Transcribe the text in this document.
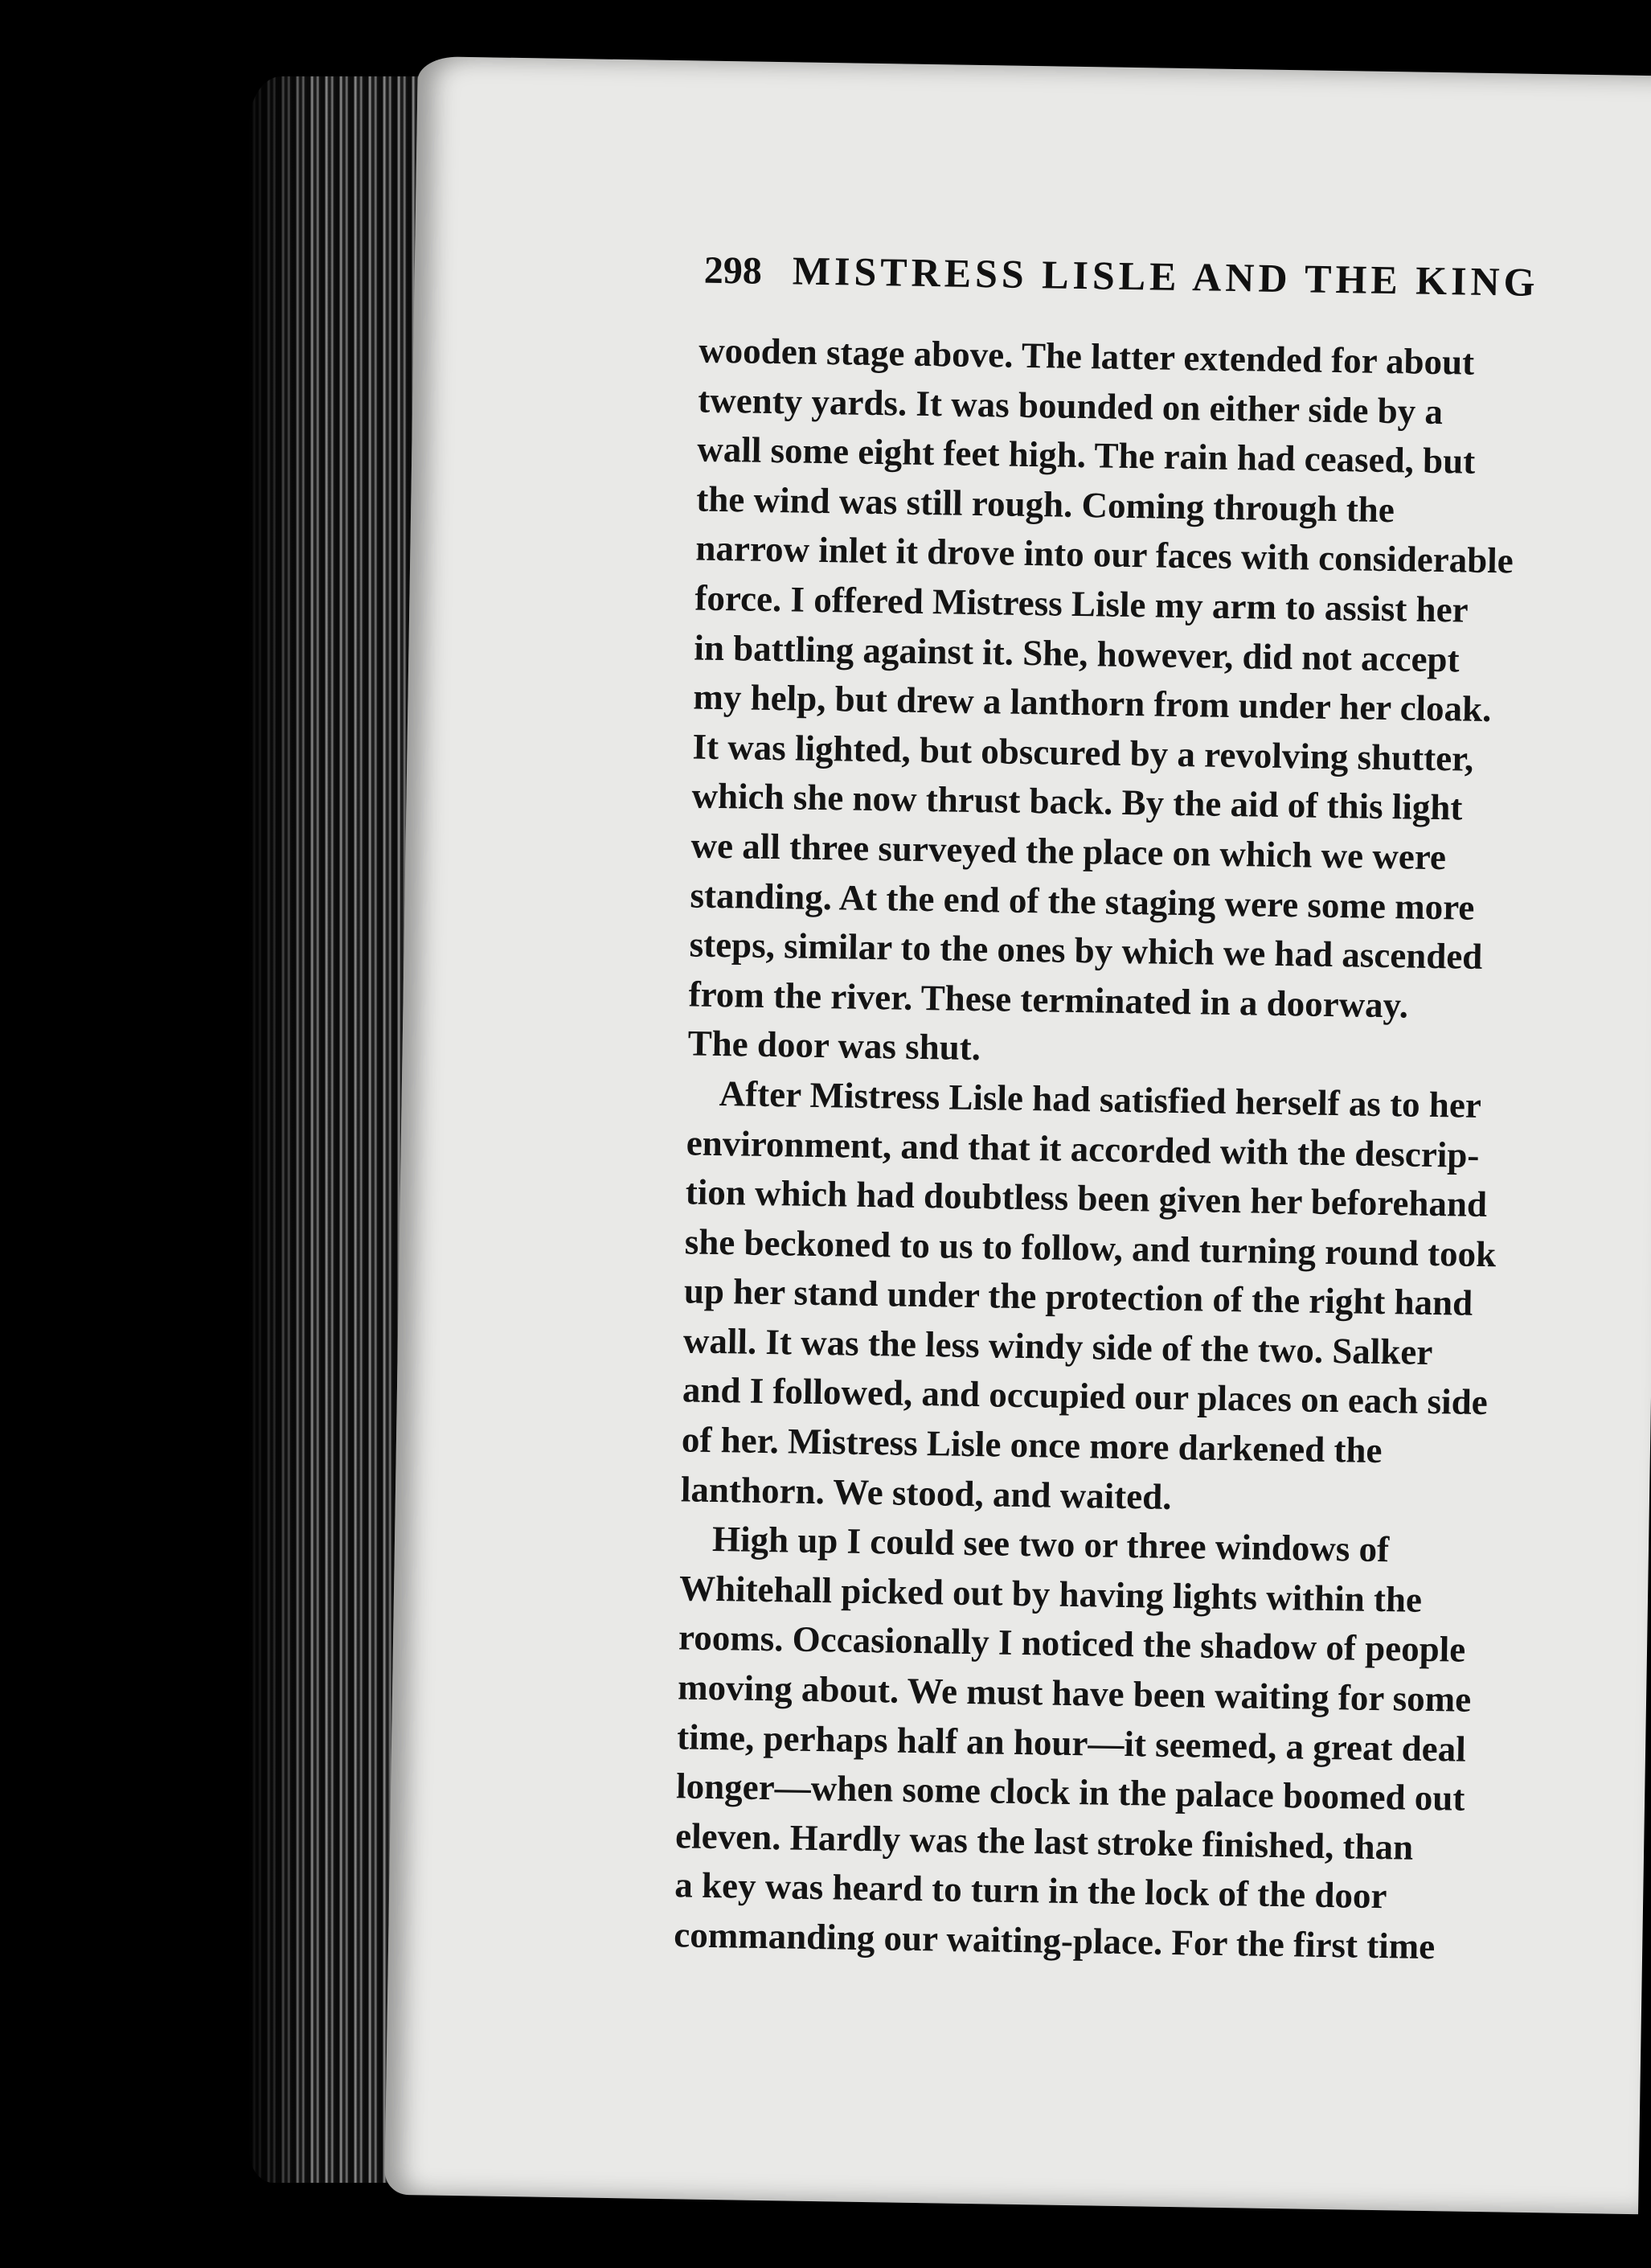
298 MISTRESS LISLE AND THE KING

wooden stage above. The latter extended for about
twenty yards. It was bounded on either side by a
wall some eight feet high. The rain had ceased, but
the wind was still rough. Coming through the
narrow inlet it drove into our faces with considerable
force. I offered Mistress Lisle my arm to assist her
in battling against it. She, however, did not accept
my help, but drew a lanthorn from under her cloak.
It was lighted, but obscured by a revolving shutter,
which she now thrust back. By the aid of this light
we all three surveyed the place on which we were
standing. At the end of the staging were some more
steps, similar to the ones by which we had ascended
from the river. These terminated in a doorway.
The door was shut.

After Mistress Lisle had satisfied herself as to her
environment, and that it accorded with the descrip-
tion which had doubtless been given her beforehand
she beckoned to us to follow, and turning round took
up her stand under the protection of the right hand
wall. It was the less windy side of the two. Salker
and I followed, and occupied our places on each side
of her. Mistress Lisle once more darkened the
lanthorn. We stood, and waited.

High up I could see two or three windows of
Whitehall picked out by having lights within the
rooms. Occasionally I noticed the shadow of people
moving about. We must have been waiting for some
time, perhaps half an hour—it seemed, a great deal
longer—when some clock in the palace boomed out
eleven. Hardly was the last stroke finished, than
a key was heard to turn in the lock of the door
commanding our waiting-place. For the first time
